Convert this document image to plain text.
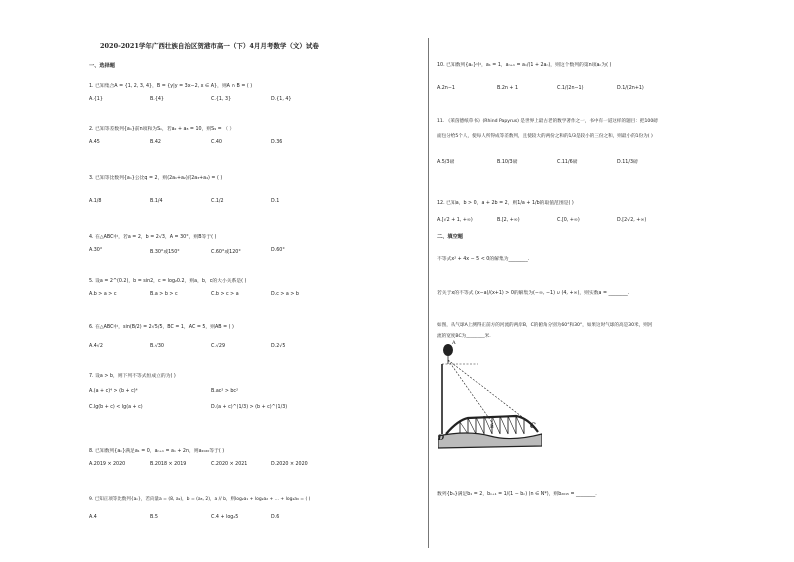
2020-2021学年广西壮族自治区贺港市高一（下）4月月考数学（文）试卷
一、选择题
1. 已知集合A = {1, 2, 3, 4}，B = {y|y = 3x−2, x ∈ A}，则A ∩ B = ( )
A.{1}	B.{4}	C.{1, 3}	D.{1, 4}
2. 已知等差数列{aₙ}前n项和为Sₙ，若a₂ + a₈ = 10，则S₉ = （ ）
A.45	B.42	C.40	D.36
3. 已知等比数列{aₙ}公比q = 2，则(2a₁+a₂)/(2a₃+a₄) = ( )
A.1/8	B.1/4	C.1/2	D.1
4. 在△ABC中，若a = 2，b = 2√3，A = 30°，则B等于( )
A.30°	B.30°或150°	C.60°或120°	D.60°
5. 设a = 2^(0.2)，b = sin2，c = log₂0.2，则a，b，c的大小关系是( )
A.b > a > c	B.a > b > c	C.b > c > a	D.c > a > b
6. 在△ABC中，sin(B/2) = 2√5/5，BC = 1，AC = 5，则AB = ( )
A.4√2	B.√30	C.√29	D.2√5
7. 设a > b，则下列不等式恒成立的为( )
A.(a + c)⁴ > (b + c)⁴	B.ac² > bc²
C.lg(b + c) < lg(a + c)	D.(a + c)^(1/3) > (b + c)^(1/3)
8. 已知数列{aₙ}满足a₁ = 0，aₙ₊₁ = aₙ + 2n，则a₂₀₂₀等于( )
A.2019 × 2020	B.2018 × 2019	C.2020 × 2021	D.2020 × 2020
9. 已知正项等比数列{aₙ}，若向量a = (8, a₂)，b = (a₈, 2)，a // b，则log₂a₁ + log₂a₂ + ... + log₂a₉ = ( )
A.4	B.5	C.4 + log₂5	D.6
10. 已知数列{aₙ}中，a₁ = 1，aₙ₊₁ = aₙ/(1 + 2aₙ)，则这个数列的第n项aₙ为( )
A.2n−1	B.2n + 1	C.1/(2n−1)	D.1/(2n+1)
11. 《莱茵德纸草书》(Rhind Papyrus) 是世界上最古老的数学著作之一，书中有一道这样的题目：把100磅
面包分给5个人，使每人所得成等差数列，且使较大的两份之和的1/3是较小的三份之和，则最小的1份为( )
A.5/3磅	B.10/3磅	C.11/6磅	D.11/3磅
12. 已知a，b > 0，a + 2b = 2，则1/a + 1/b的取值范围是( )
A.[√2 + 1, +∞)	B.[2, +∞)	C.[0, +∞)	D.[2√2, +∞)
二、填空题
不等式x² + 4x − 5 < 0的解集为________.
若关于x的不等式 (x−a)/(x+1) > 0的解集为(−∞, −1) ∪ (4, +∞)，则实数a = ________.
如图，从气球A上测得正前方的河流的两岸B，C的俯角分别为60°和30°，如果这时气球的高是30米，则河
流的宽度BC为________米.
D
A
B	C
数列{bₙ}满足b₁ = 2，bₙ₊₁ = 1/(1 − bₙ) (n ∈ N*)，则b₂₀₁₅ = ________.
